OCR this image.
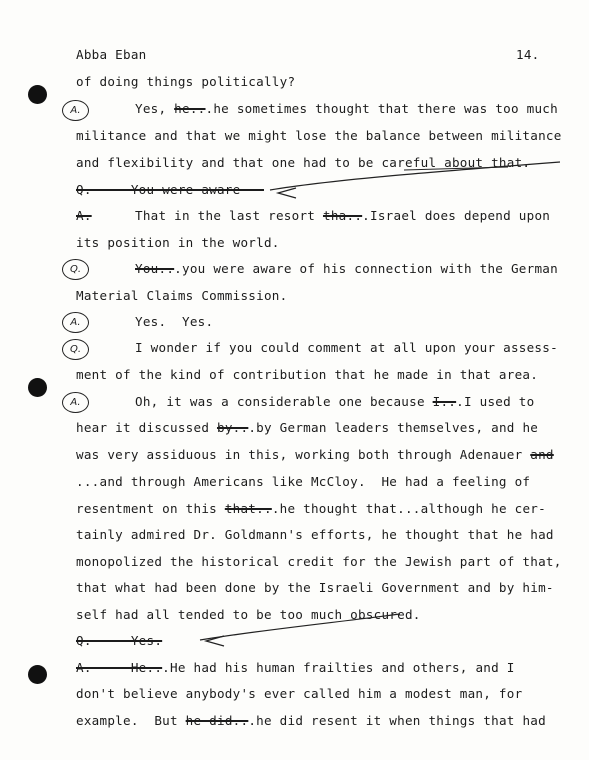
Abba Eban	14.
of doing things politically?
A.	Yes, he...he sometimes thought that there was too much
militance and that we might lose the balance between militance
and flexibility and that one had to be careful about that.
Q.     You were aware --
A.	That in the last resort tha...Israel does depend upon
its position in the world.
Q.	You...you were aware of his connection with the German
Material Claims Commission.
A.	Yes.  Yes.
Q.	I wonder if you could comment at all upon your assess-
ment of the kind of contribution that he made in that area.
A.	Oh, it was a considerable one because I...I used to
hear it discussed by...by German leaders themselves, and he
was very assiduous in this, working both through Adenauer and
...and through Americans like McCloy.  He had a feeling of
resentment on this that...he thought that...although he cer-
tainly admired Dr. Goldmann's efforts, he thought that he had
monopolized the historical credit for the Jewish part of that,
that what had been done by the Israeli Government and by him-
self had all tended to be too much obscured.
Q.     Yes.
A.     He...He had his human frailties and others, and I
don't believe anybody's ever called him a modest man, for
example.  But he did...he did resent it when things that had
